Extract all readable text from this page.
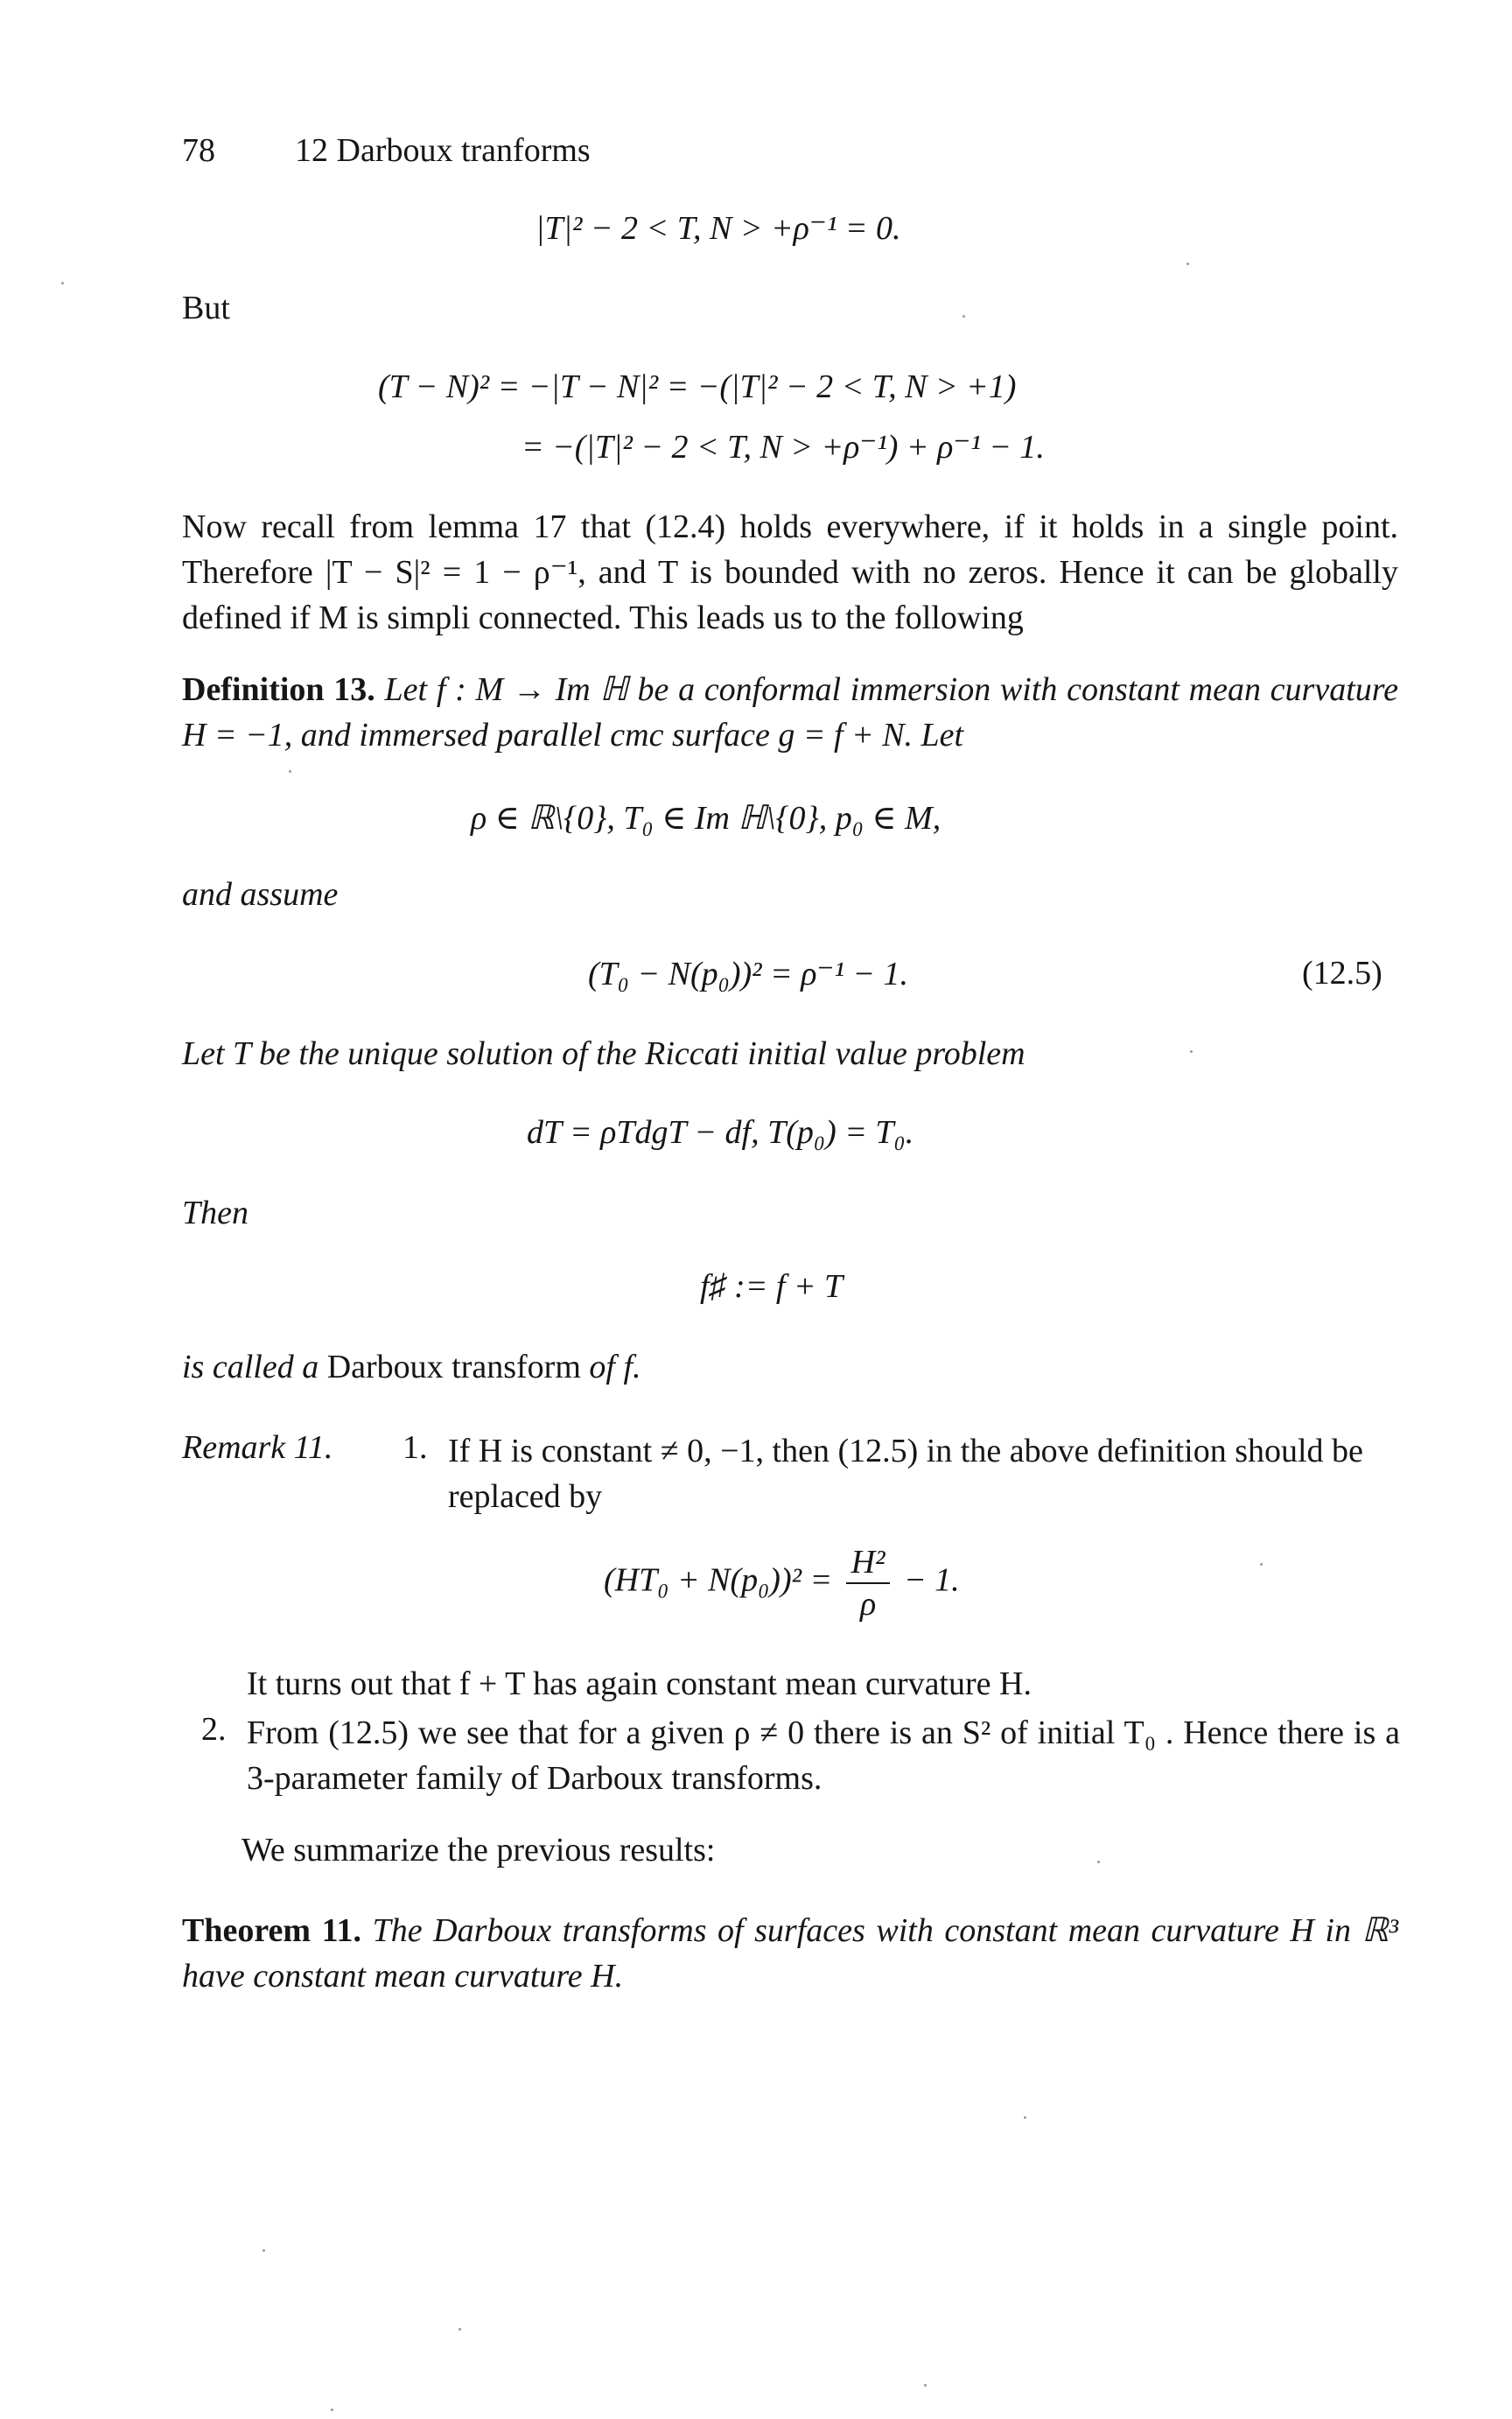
78 12 Darboux tranforms
|T|² − 2 < T, N > +ρ⁻¹ = 0.
But
(T − N)² = −|T − N|² = −(|T|² − 2 < T, N > +1)
= −(|T|² − 2 < T, N > +ρ⁻¹) + ρ⁻¹ − 1.
Now recall from lemma 17 that (12.4) holds everywhere, if it holds in a single point. Therefore |T − S|² = 1 − ρ⁻¹, and T is bounded with no zeros. Hence it can be globally defined if M is simpli connected. This leads us to the following
Definition 13. Let f : M → Im ℍ be a conformal immersion with constant mean curvature H = −1, and immersed parallel cmc surface g = f + N. Let
ρ ∈ ℝ\{0}, T₀ ∈ Im ℍ\{0}, p₀ ∈ M,
and assume
(T₀ − N(p₀))² = ρ⁻¹ − 1.	(12.5)
Let T be the unique solution of the Riccati initial value problem
dT = ρTdgT − df, T(p₀) = T₀.
Then
f♯ := f + T
is called a Darboux transform of f.
Remark 11. 1. If H is constant ≠ 0, −1, then (12.5) in the above definition should be replaced by
$(HT_0 + N(p_0))^2 = \frac{\text{H²}}{\rho} - 1$.
It turns out that f + T has again constant mean curvature H.
2. From (12.5) we see that for a given ρ ≠ 0 there is an S² of initial T₀ . Hence there is a 3-parameter family of Darboux transforms.
We summarize the previous results:
Theorem 11. The Darboux transforms of surfaces with constant mean curvature H in ℝ³ have constant mean curvature H.
